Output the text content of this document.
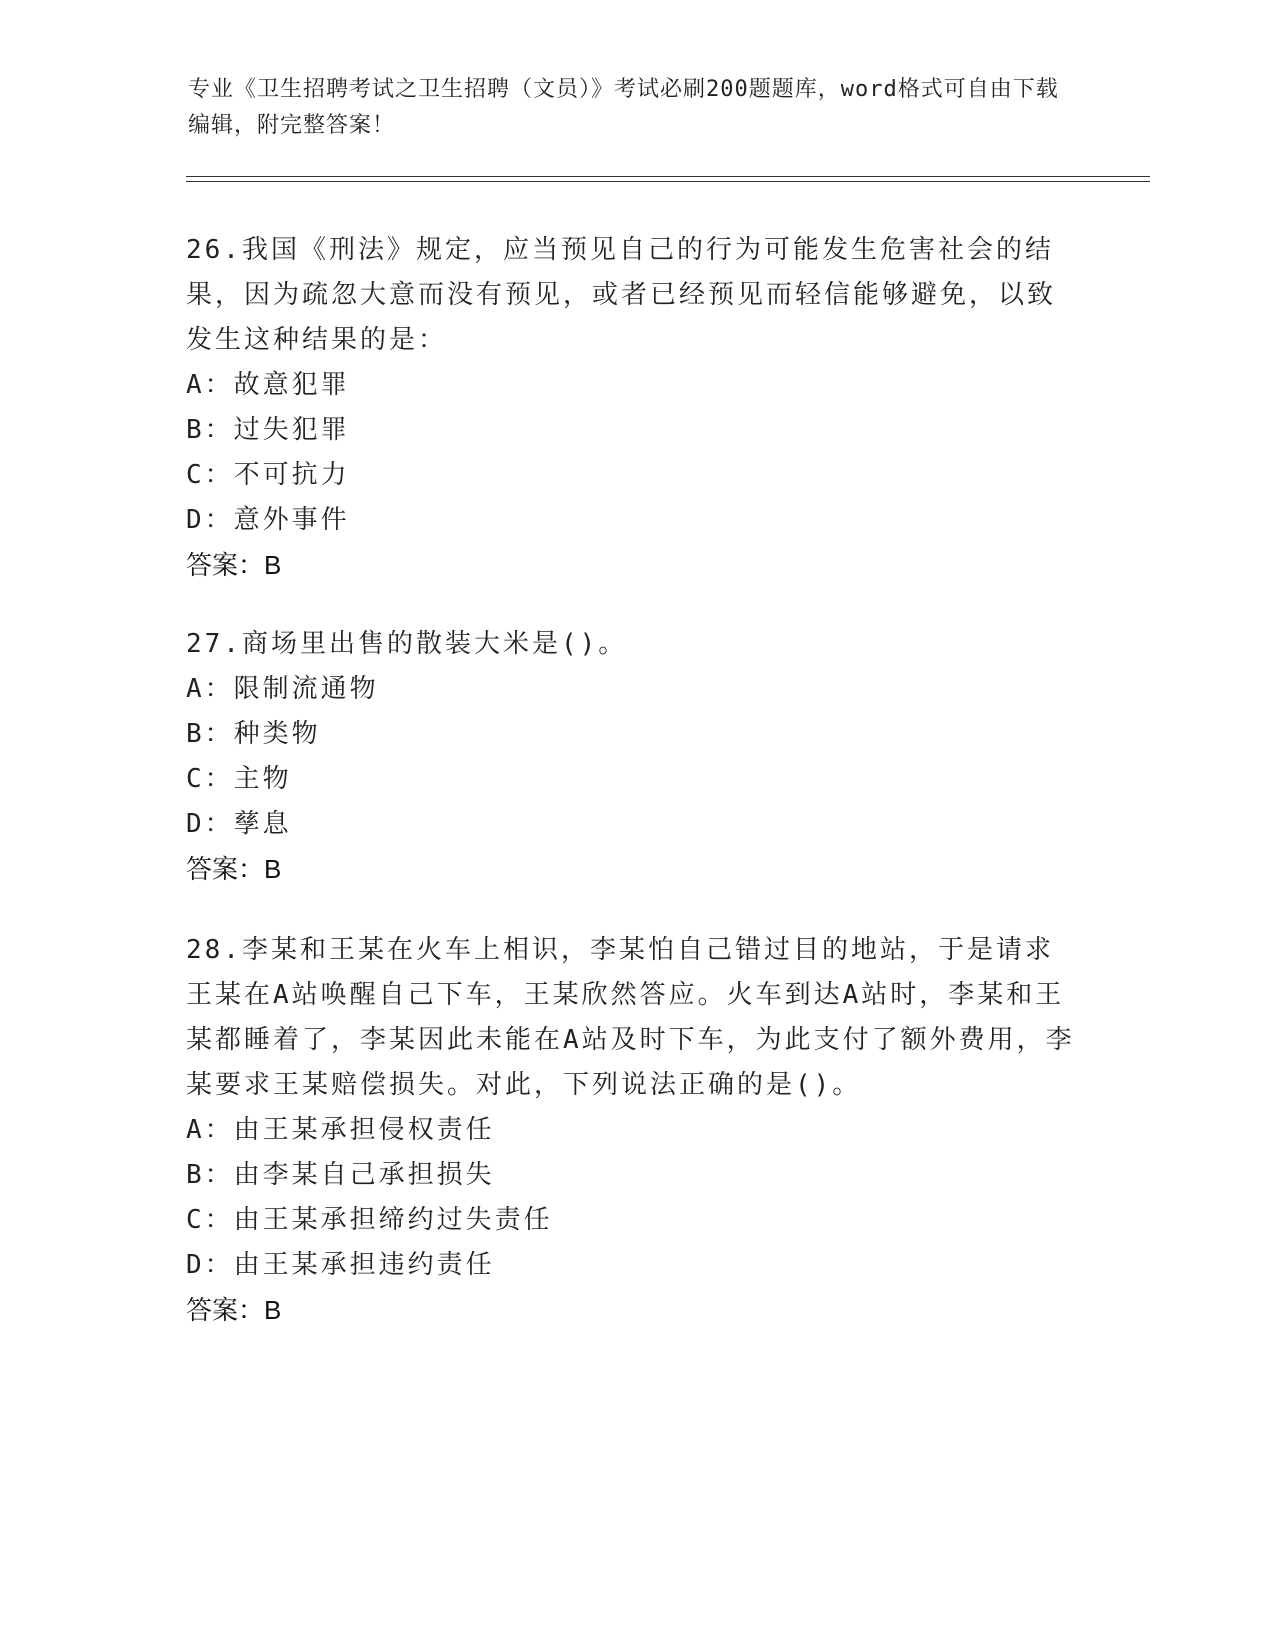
专业《卫生招聘考试之卫生招聘（文员）》考试必刷200题题库，word格式可自由下载编辑，附完整答案！

26.我国《刑法》规定，应当预见自己的行为可能发生危害社会的结果，因为疏忽大意而没有预见，或者已经预见而轻信能够避免，以致发生这种结果的是：

A：故意犯罪

B：过失犯罪

C：不可抗力

D：意外事件

答案：B

27.商场里出售的散装大米是()。

A：限制流通物

B：种类物

C：主物

D：孳息

答案：B

28.李某和王某在火车上相识，李某怕自己错过目的地站，于是请求王某在A站唤醒自己下车，王某欣然答应。火车到达A站时，李某和王某都睡着了，李某因此未能在A站及时下车，为此支付了额外费用，李某要求王某赔偿损失。对此，下列说法正确的是()。

A：由王某承担侵权责任

B：由李某自己承担损失

C：由王某承担缔约过失责任

D：由王某承担违约责任

答案：B
